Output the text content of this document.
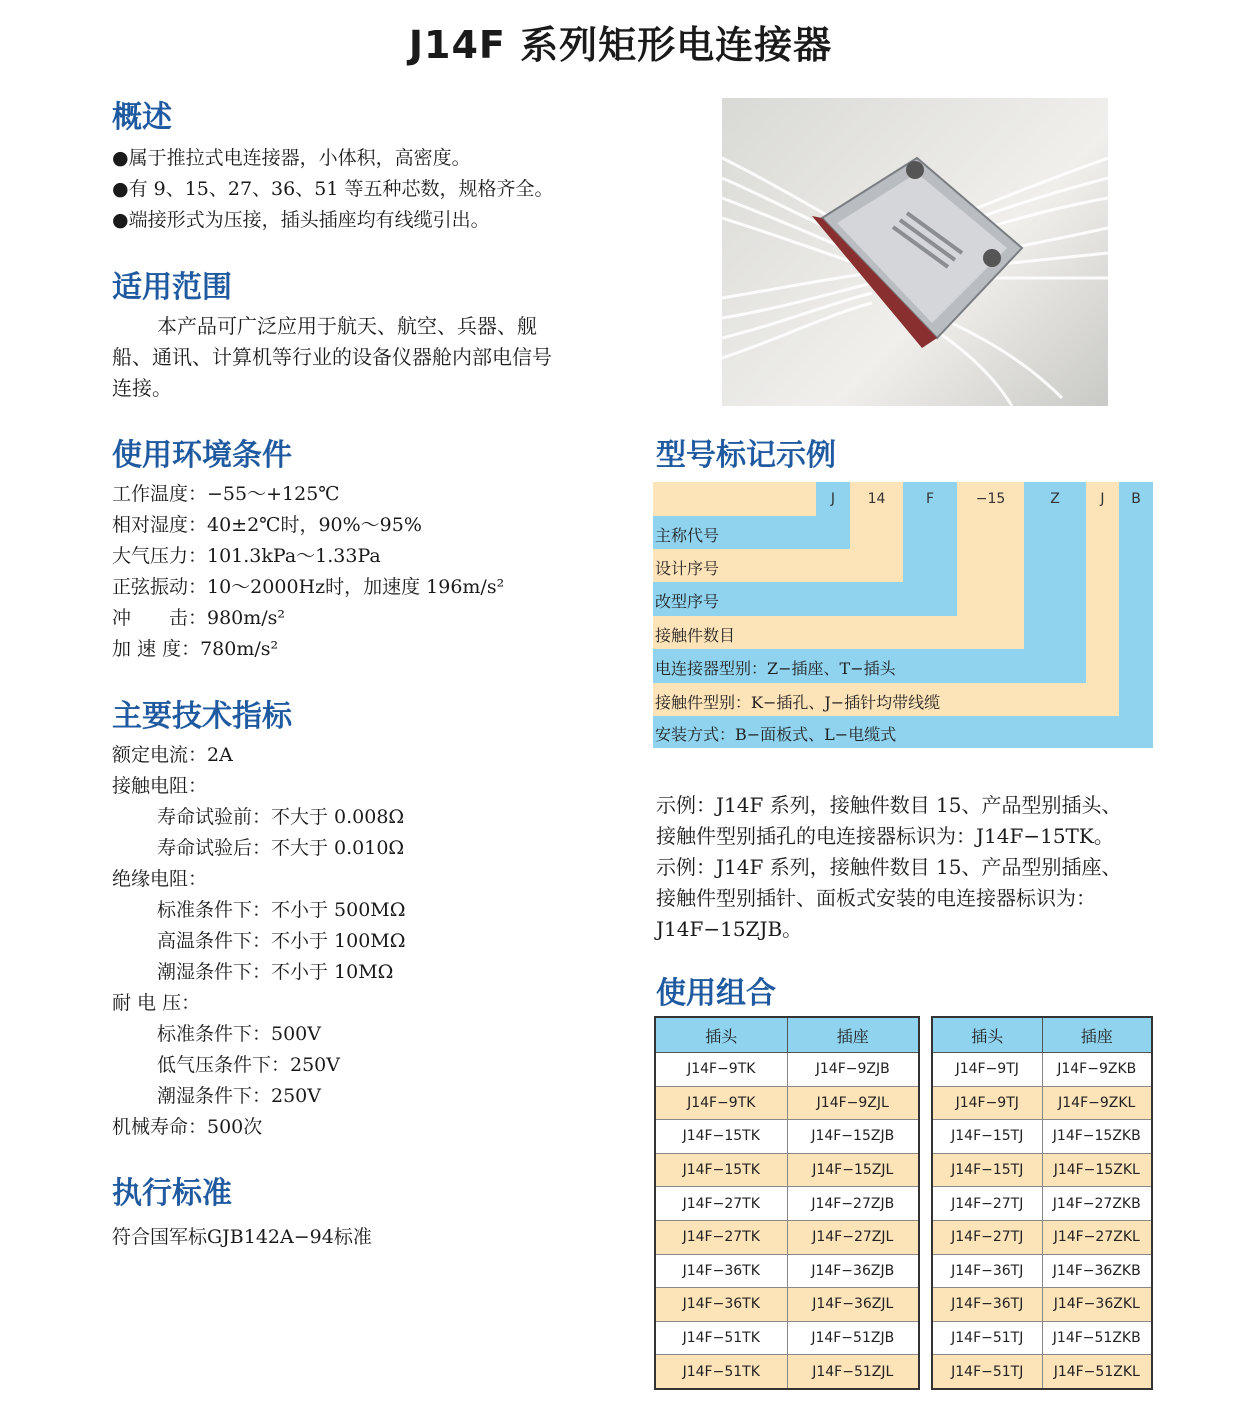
J14F 系列矩形电连接器
概述
●属于推拉式电连接器，小体积，高密度。
●有 9、15、27、36、51 等五种芯数，规格齐全。
●端接形式为压接，插头插座均有线缆引出。
适用范围
本产品可广泛应用于航天、航空、兵器、舰
船、通讯、计算机等行业的设备仪器舱内部电信号
连接。
使用环境条件
工作温度：−55～+125℃
相对湿度：40±2℃时，90%～95%
大气压力：101.3kPa～1.33Pa
正弦振动：10～2000Hz时，加速度 196m/s²
冲　　击：980m/s²
加 速 度：780m/s²
主要技术指标
额定电流：2A
接触电阻：
寿命试验前：不大于 0.008Ω
寿命试验后：不大于 0.010Ω
绝缘电阻：
标准条件下：不小于 500MΩ
高温条件下：不小于 100MΩ
潮湿条件下：不小于 10MΩ
耐 电 压：
标准条件下：500V
低气压条件下：250V
潮湿条件下：250V
机械寿命：500次
执行标准
符合国军标GJB142A−94标准
型号标记示例
J	14	F	−15	Z	J	B
主称代号
设计序号
改型序号
接触件数目
电连接器型别：Z−插座、T−插头
接触件型别：K−插孔、J−插针均带线缆
安装方式：B−面板式、L−电缆式
示例：J14F 系列，接触件数目 15、产品型别插头、
接触件型别插孔的电连接器标识为：J14F−15TK。
示例：J14F 系列，接触件数目 15、产品型别插座、
接触件型别插针、面板式安装的电连接器标识为：
J14F−15ZJB。
使用组合
插头	插座
J14F−9TK	J14F−9ZJB
J14F−9TK	J14F−9ZJL
J14F−15TK	J14F−15ZJB
J14F−15TK	J14F−15ZJL
J14F−27TK	J14F−27ZJB
J14F−27TK	J14F−27ZJL
J14F−36TK	J14F−36ZJB
J14F−36TK	J14F−36ZJL
J14F−51TK	J14F−51ZJB
J14F−51TK	J14F−51ZJL
插头	插座
J14F−9TJ	J14F−9ZKB
J14F−9TJ	J14F−9ZKL
J14F−15TJ	J14F−15ZKB
J14F−15TJ	J14F−15ZKL
J14F−27TJ	J14F−27ZKB
J14F−27TJ	J14F−27ZKL
J14F−36TJ	J14F−36ZKB
J14F−36TJ	J14F−36ZKL
J14F−51TJ	J14F−51ZKB
J14F−51TJ	J14F−51ZKL
